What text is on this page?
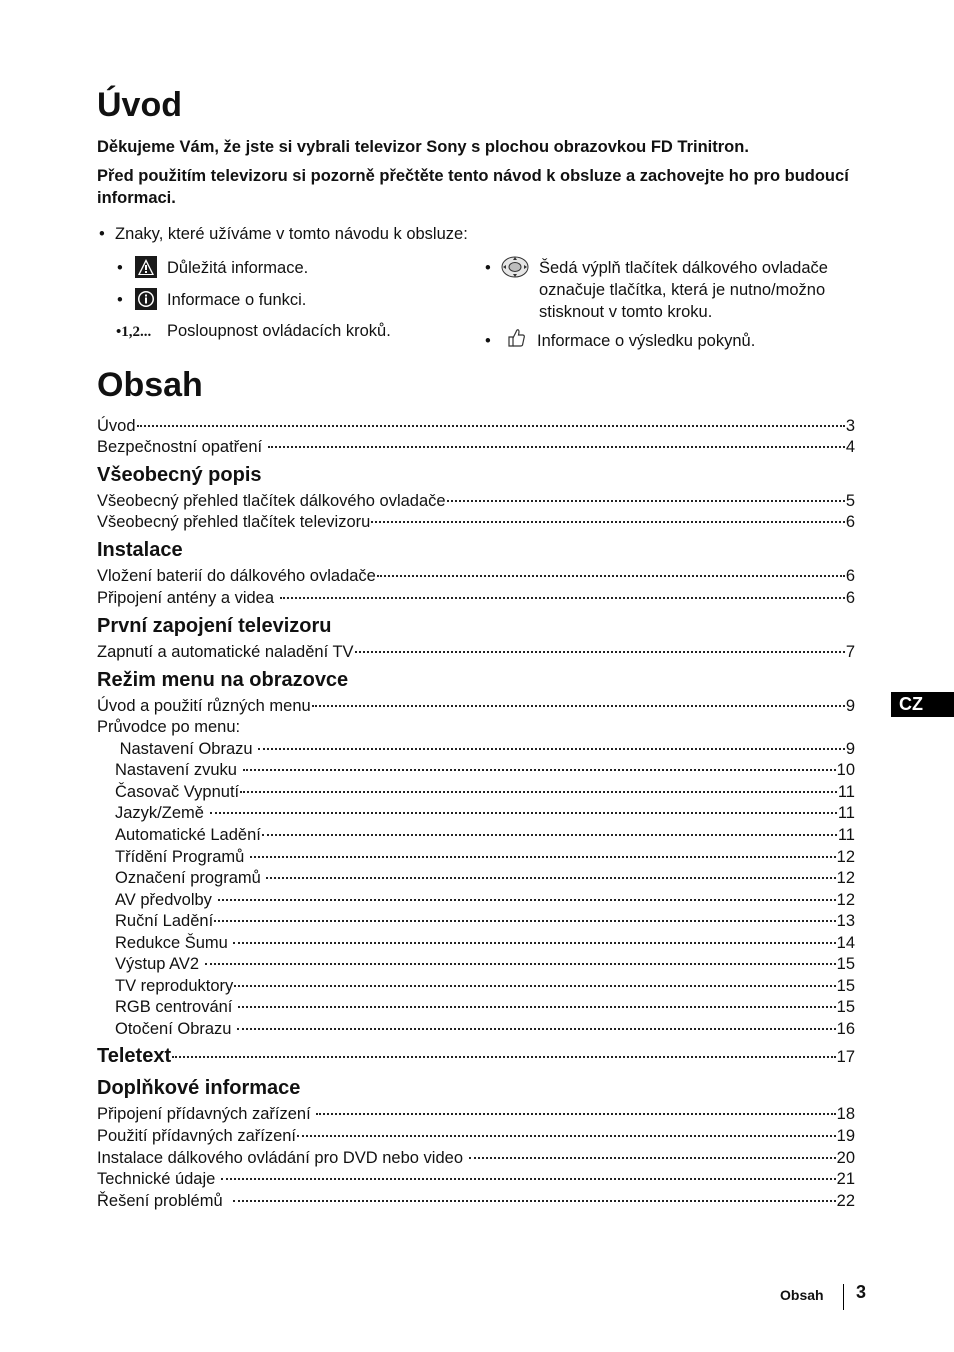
Úvod

Děkujeme Vám, že jste si vybrali televizor Sony s plochou obrazovkou FD Trinitron.

Před použitím televizoru si pozorně přečtěte tento návod k obsluze a zachovejte ho pro budoucí informaci.

• Znaky, které užíváme v tomto návodu k obsluze:

•	Důležitá informace.
•	Informace o funkci.
•1,2... Posloupnost ovládacích kroků.
•	Šedá výplň tlačítek dálkového ovladače označuje tlačítka, která je nutno/možno stisknout v tomto kroku.

•	Informace o výsledku pokynů.
Obsah
Úvod	3
Bezpečnostní opatření	4
Všeobecný popis
Všeobecný přehled tlačítek dálkového ovladače	5
Všeobecný přehled tlačítek televizoru	6
Instalace
Vložení baterií do dálkového ovladače	6
Připojení antény a videa	6
První zapojení televizoru
Zapnutí a automatické naladění TV	7
Režim menu na obrazovce
Úvod a použití různých menu	9
Průvodce po menu:
Nastavení Obrazu	9
Nastavení zvuku	10
Časovač Vypnutí	11
Jazyk/Země	11
Automatické Ladění	11
Třídění Programů	12
Označení programů	12
AV předvolby	12
Ruční Ladění	13
Redukce Šumu	14
Výstup AV2	15
TV reproduktory	15
RGB centrování	15
Otočení Obrazu	16
Teletext	17
Doplňkové informace
Připojení přídavných zařízení	18
Použití přídavných zařízení	19
Instalace dálkového ovládání pro DVD nebo video	20
Technické údaje	21
Řešení problémů	22
CZ
Obsah 3
